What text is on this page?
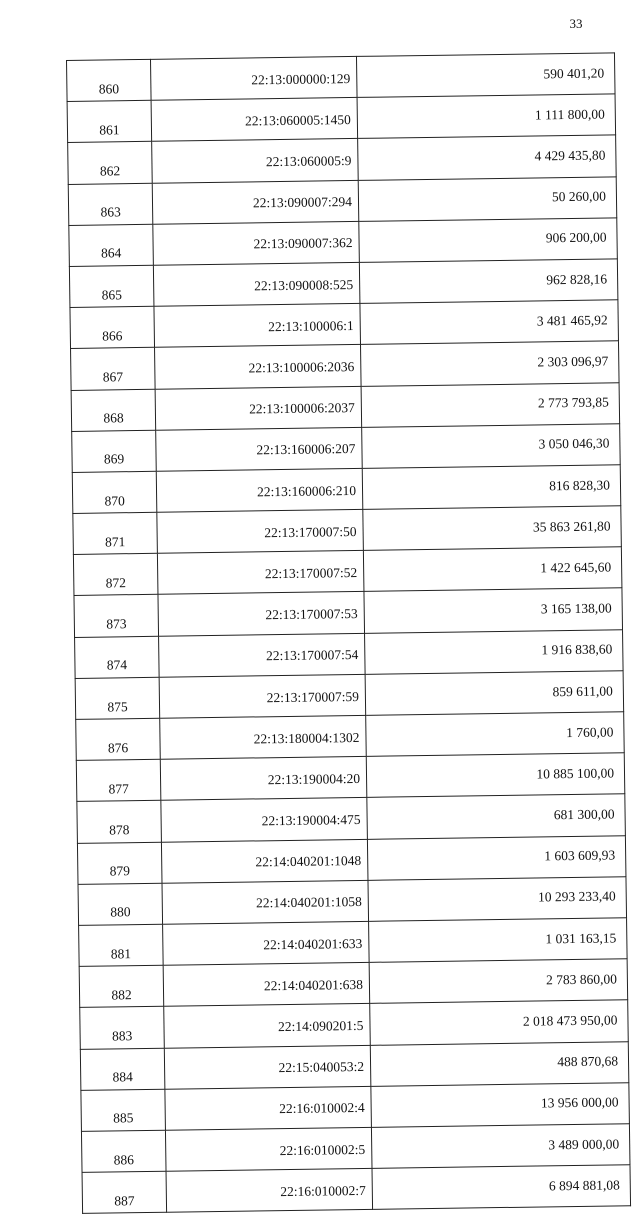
33
860	22:13:000000:129	590 401,20
861	22:13:060005:1450	1 111 800,00
862	22:13:060005:9	4 429 435,80
863	22:13:090007:294	50 260,00
864	22:13:090007:362	906 200,00
865	22:13:090008:525	962 828,16
866	22:13:100006:1	3 481 465,92
867	22:13:100006:2036	2 303 096,97
868	22:13:100006:2037	2 773 793,85
869	22:13:160006:207	3 050 046,30
870	22:13:160006:210	816 828,30
871	22:13:170007:50	35 863 261,80
872	22:13:170007:52	1 422 645,60
873	22:13:170007:53	3 165 138,00
874	22:13:170007:54	1 916 838,60
875	22:13:170007:59	859 611,00
876	22:13:180004:1302	1 760,00
877	22:13:190004:20	10 885 100,00
878	22:13:190004:475	681 300,00
879	22:14:040201:1048	1 603 609,93
880	22:14:040201:1058	10 293 233,40
881	22:14:040201:633	1 031 163,15
882	22:14:040201:638	2 783 860,00
883	22:14:090201:5	2 018 473 950,00
884	22:15:040053:2	488 870,68
885	22:16:010002:4	13 956 000,00
886	22:16:010002:5	3 489 000,00
887	22:16:010002:7	6 894 881,08
